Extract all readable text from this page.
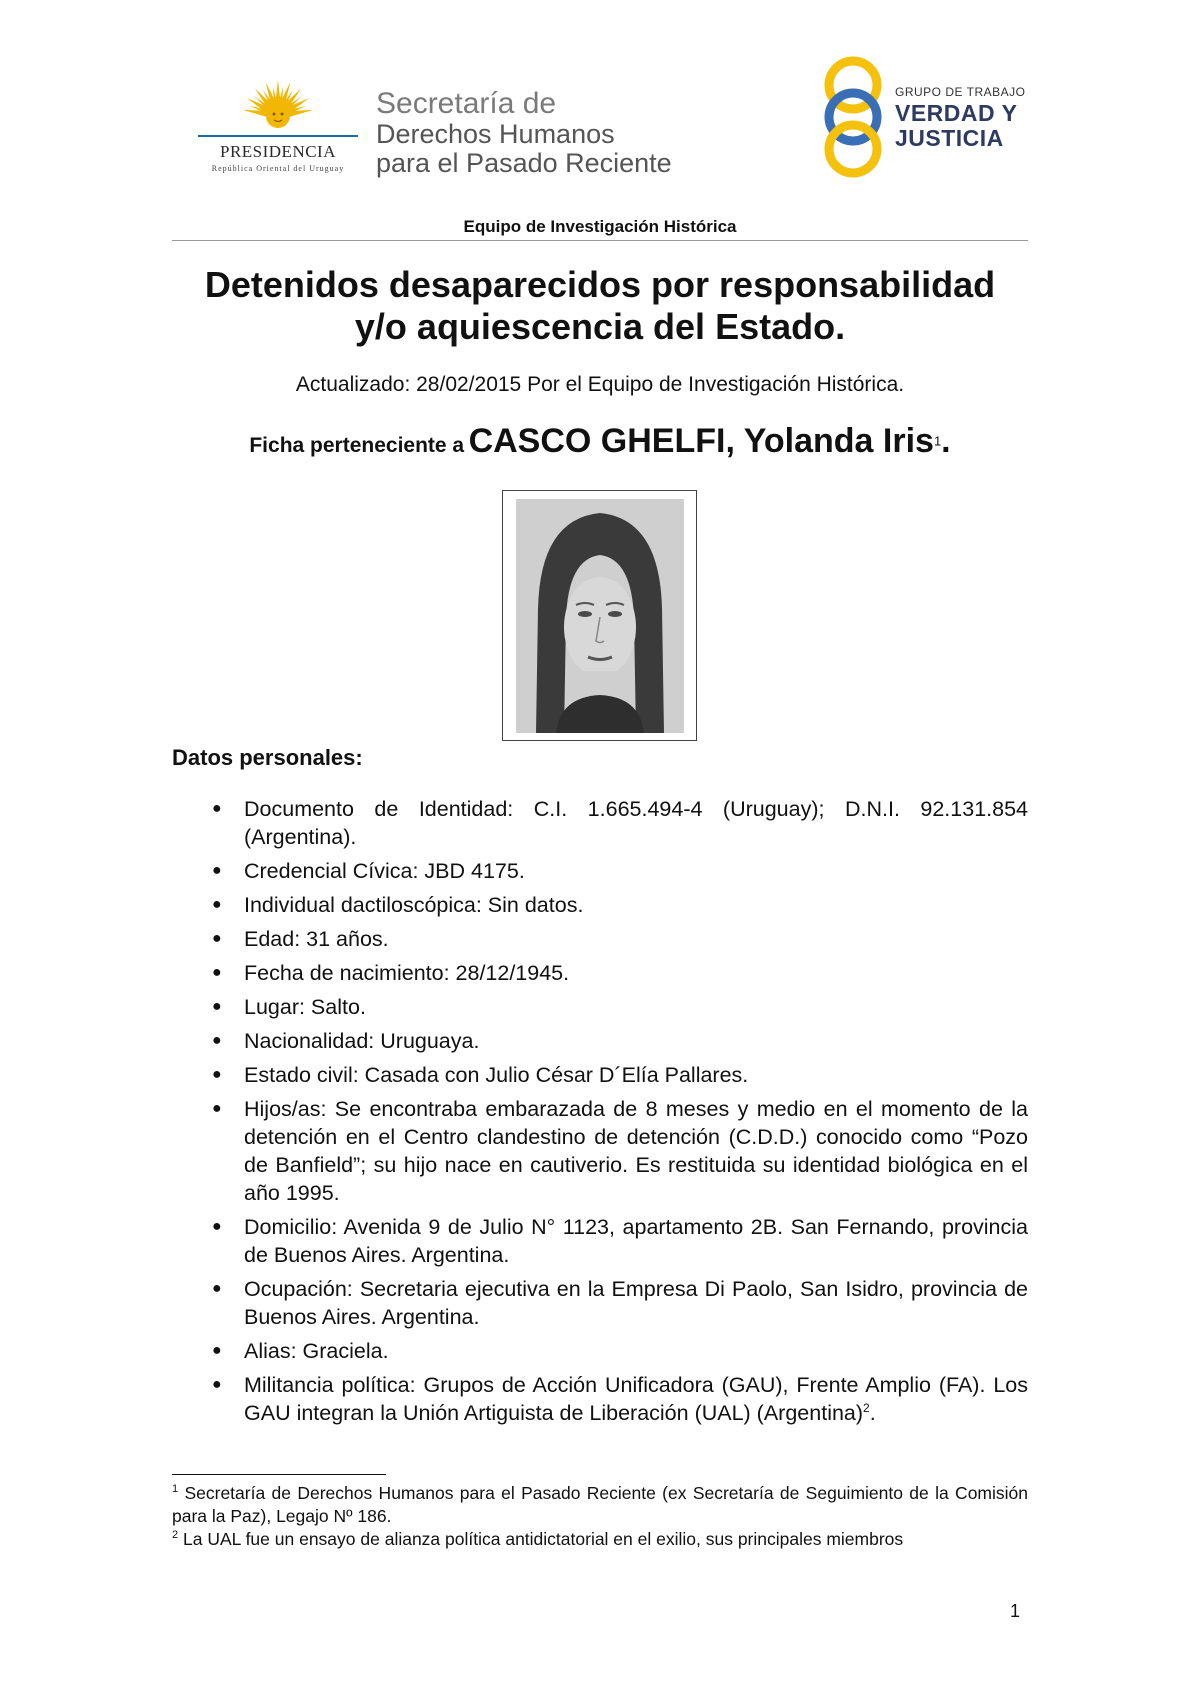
PRESIDENCIA
República Oriental del Uruguay
Secretaría de
Derechos Humanos
para el Pasado Reciente
GRUPO DE TRABAJO
VERDAD Y
JUSTICIA
Equipo de Investigación Histórica
Detenidos desaparecidos por responsabilidad
y/o aquiescencia del Estado.
Actualizado: 28/02/2015 Por el Equipo de Investigación Histórica.
Ficha perteneciente a CASCO GHELFI, Yolanda Iris$^1$.
Datos personales:
● Documento de Identidad: C.I. 1.665.494-4 (Uruguay); D.N.I. 92.131.854 (Argentina).
● Credencial Cívica: JBD 4175.
● Individual dactiloscópica: Sin datos.
● Edad: 31 años.
● Fecha de nacimiento: 28/12/1945.
● Lugar: Salto.
● Nacionalidad: Uruguaya.
● Estado civil: Casada con Julio César D´Elía Pallares.
● Hijos/as: Se encontraba embarazada de 8 meses y medio en el momento de la detención en el Centro clandestino de detención (C.D.D.) conocido como “Pozo de Banfield”; su hijo nace en cautiverio. Es restituida su identidad biológica en el año 1995.
● Domicilio: Avenida 9 de Julio N° 1123, apartamento 2B. San Fernando, provincia de Buenos Aires. Argentina.
● Ocupación: Secretaria ejecutiva en la Empresa Di Paolo, San Isidro, provincia de Buenos Aires. Argentina.
● Alias: Graciela.
● Militancia política: Grupos de Acción Unificadora (GAU), Frente Amplio (FA). Los GAU integran la Unión Artiguista de Liberación (UAL) (Argentina)$^2$.

$^1$ Secretaría de Derechos Humanos para el Pasado Reciente (ex Secretaría de Seguimiento de la Comisión para la Paz), Legajo Nº 186.

$^2$ La UAL fue un ensayo de alianza política antidictatorial en el exilio, sus principales miembros

1
